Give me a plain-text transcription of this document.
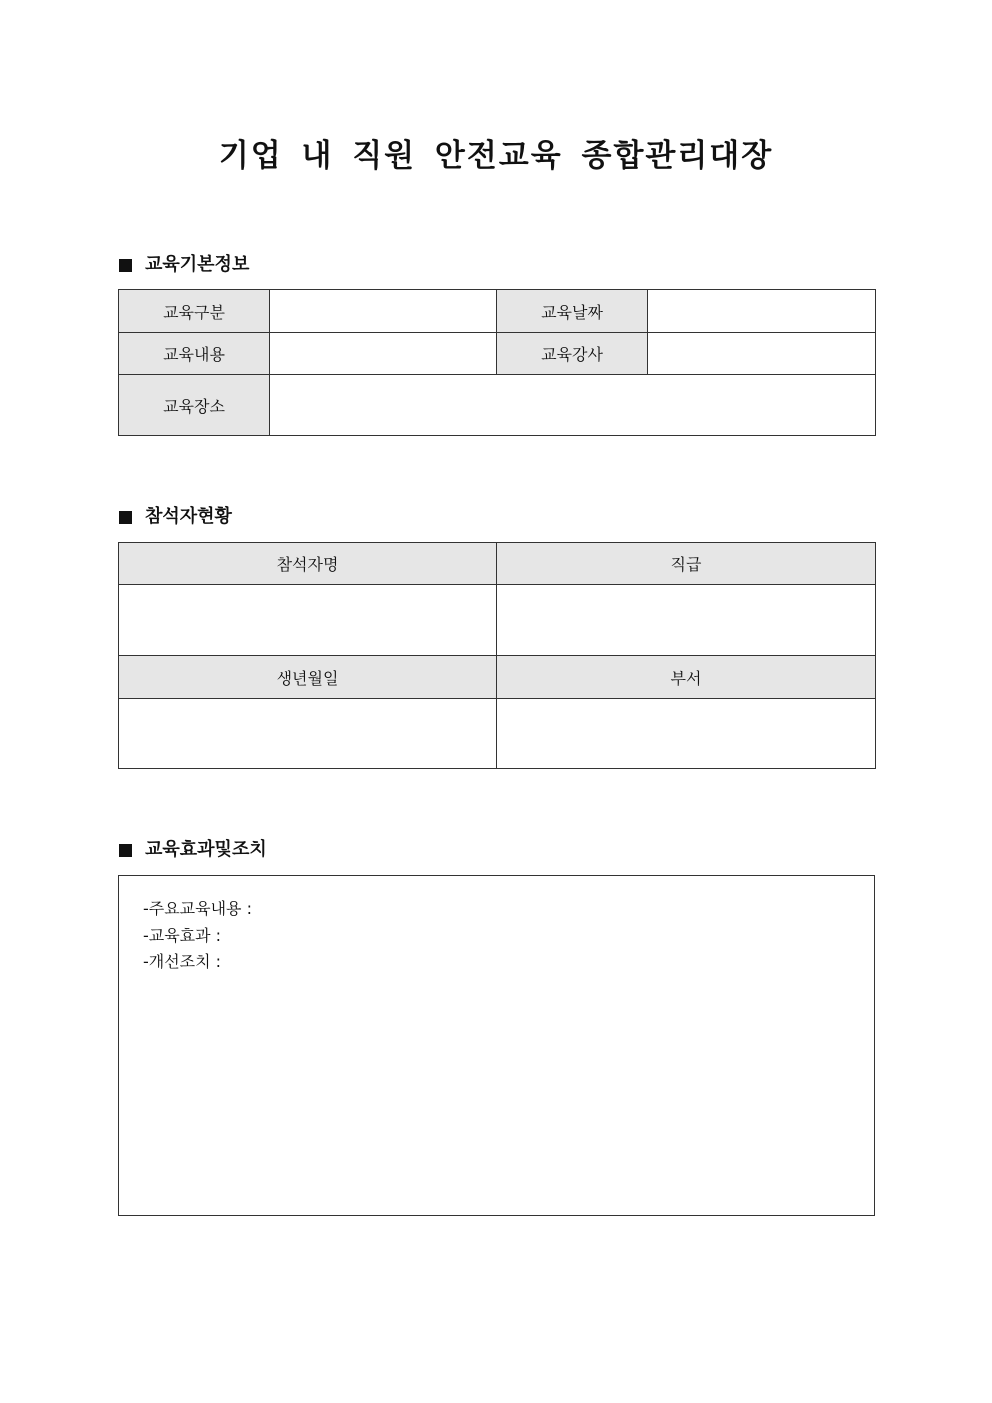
기업 내 직원 안전교육 종합관리대장
교육기본정보
교육구분		교육날짜	
교육내용		교육강사	
교육장소			
참석자현황
참석자명	직급

생년월일	부서

교육효과및조치
-주요교육내용 :
-교육효과 :
-개선조치 :
